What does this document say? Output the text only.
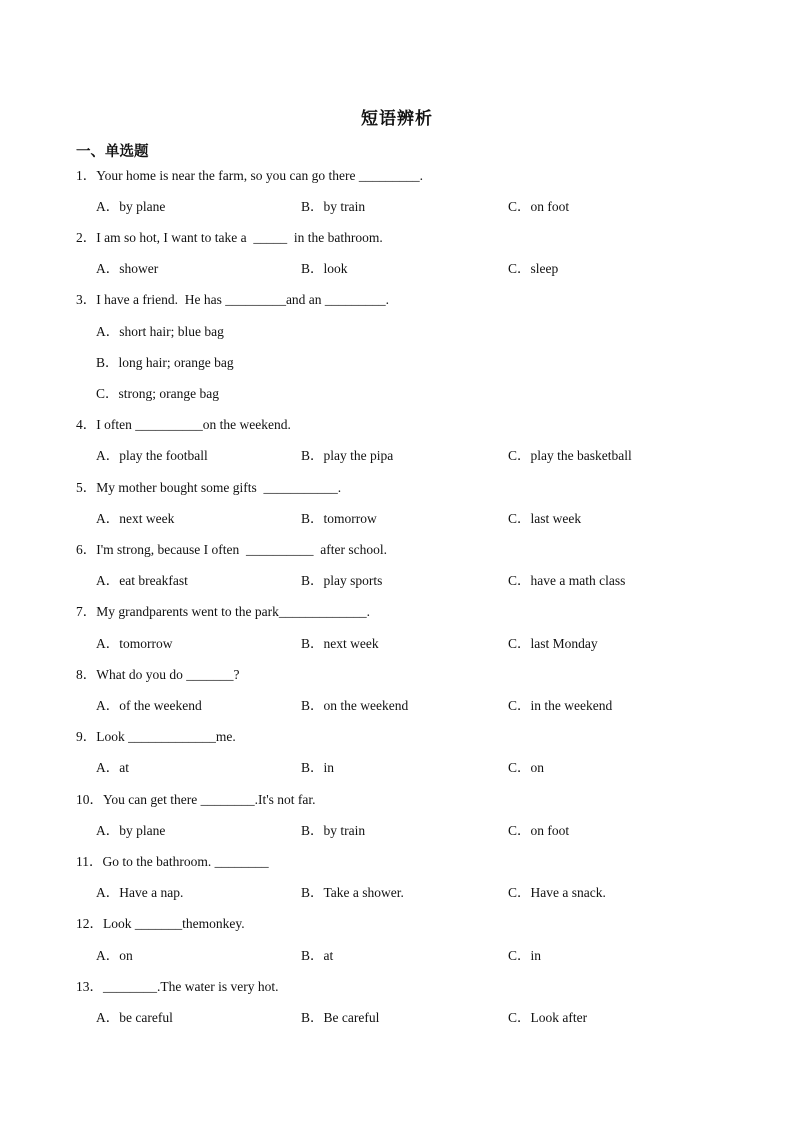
短语辨析
一、单选题
1．Your home is near the farm, so you can go there _________.
A．by plane	B．by train	C．on foot
2．I am so hot, I want to take a  _____  in the bathroom.
A．shower	B．look	C．sleep
3．I have a friend.  He has _________and an _________.
A．short hair; blue bag
B．long hair; orange bag
C．strong; orange bag
4．I often __________on the weekend.
A．play the football	B．play the pipa	C．play the basketball
5．My mother bought some gifts  ___________.
A．next week	B．tomorrow	C．last week
6．I'm strong, because I often  __________  after school.
A．eat breakfast	B．play sports	C．have a math class
7．My grandparents went to the park_____________.
A．tomorrow	B．next week	C．last Monday
8．What do you do _______?
A．of the weekend	B．on the weekend	C．in the weekend
9．Look _____________me.
A．at	B．in	C．on
10．You can get there ________.It's not far.
A．by plane	B．by train	C．on foot
11．Go to the bathroom. ________
A．Have a nap.	B．Take a shower.	C．Have a snack.
12．Look _______themonkey.
A．on	B．at	C．in
13．________.The water is very hot.
A．be careful	B．Be careful	C．Look after
